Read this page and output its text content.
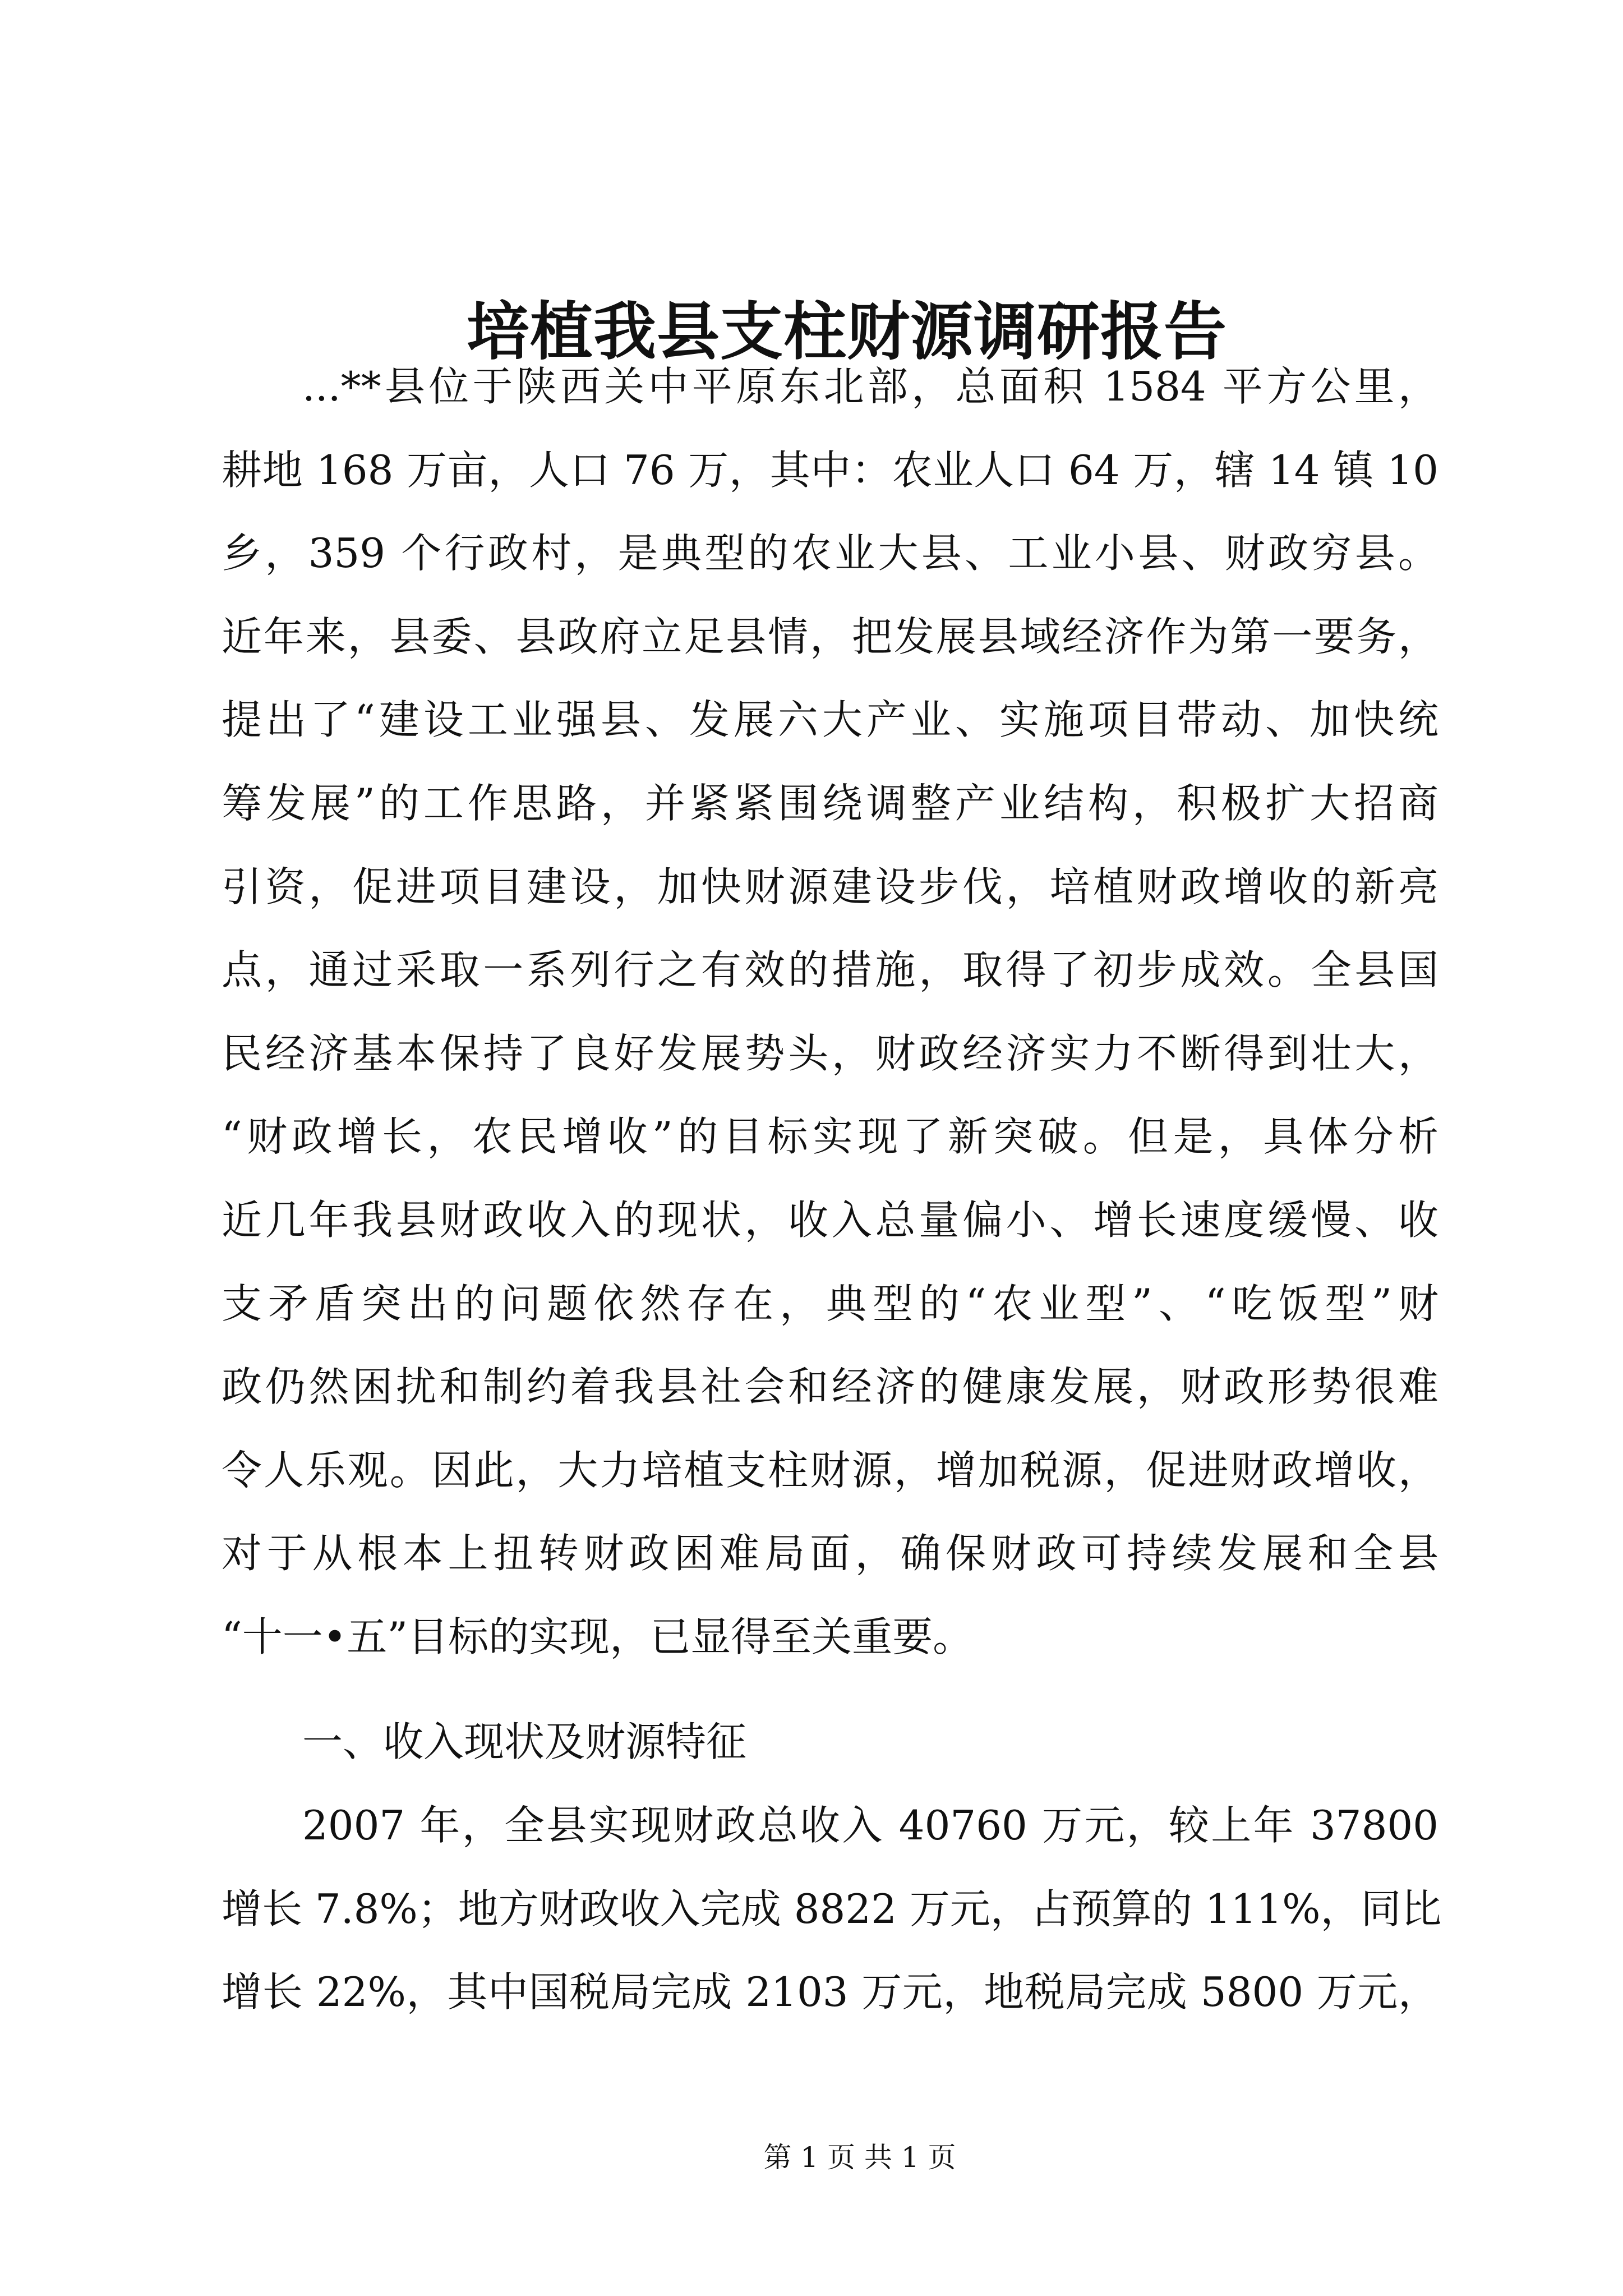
培植我县支柱财源调研报告
...**县位于陕西关中平原东北部，总面积 1584 平方公里，
耕地 168 万亩，人口 76 万，其中：农业人口 64 万，辖 14 镇 10
乡，359 个行政村，是典型的农业大县、工业小县、财政穷县。
近年来，县委、县政府立足县情，把发展县域经济作为第一要务，
提出了“建设工业强县、发展六大产业、实施项目带动、加快统
筹发展”的工作思路，并紧紧围绕调整产业结构，积极扩大招商
引资，促进项目建设，加快财源建设步伐，培植财政增收的新亮
点，通过采取一系列行之有效的措施，取得了初步成效。全县国
民经济基本保持了良好发展势头，财政经济实力不断得到壮大，
“财政增长，农民增收”的目标实现了新突破。但是，具体分析
近几年我县财政收入的现状，收入总量偏小、增长速度缓慢、收
支矛盾突出的问题依然存在，典型的“农业型”、“吃饭型”财
政仍然困扰和制约着我县社会和经济的健康发展，财政形势很难
令人乐观。因此，大力培植支柱财源，增加税源，促进财政增收，
对于从根本上扭转财政困难局面，确保财政可持续发展和全县
“十一•五”目标的实现，已显得至关重要。
一、收入现状及财源特征
2007 年，全县实现财政总收入 40760 万元，较上年 37800
增长 7.8%；地方财政收入完成 8822 万元，占预算的 111%，同比
增长 22%，其中国税局完成 2103 万元，地税局完成 5800 万元，
第 1 页 共 1 页
